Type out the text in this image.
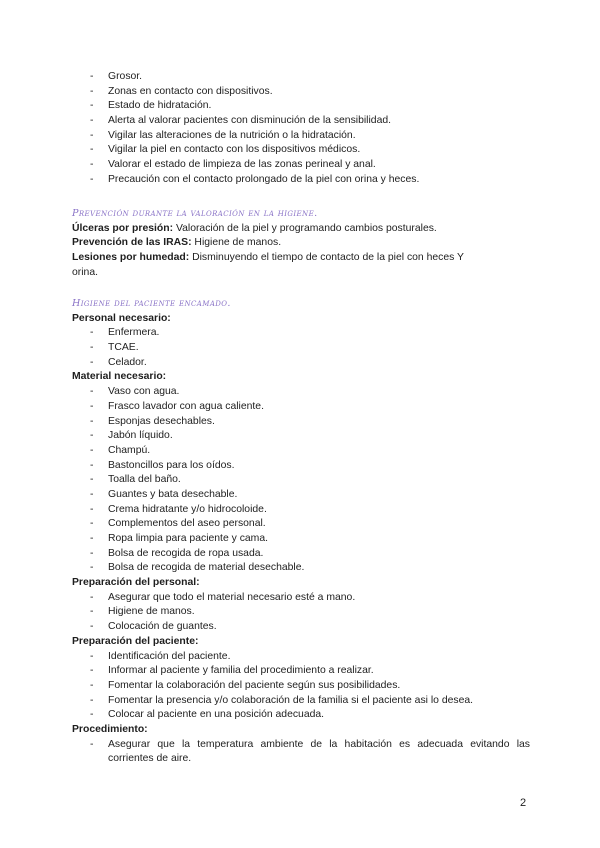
- Grosor.
- Zonas en contacto con dispositivos.
- Estado de hidratación.
- Alerta al valorar pacientes con disminución de la sensibilidad.
- Vigilar las alteraciones de la nutrición o la hidratación.
- Vigilar la piel en contacto con los dispositivos médicos.
- Valorar el estado de limpieza de las zonas perineal y anal.
- Precaución con el contacto prolongado de la piel con orina y heces.
Prevención durante la valoración en la higiene.
Úlceras por presión: Valoración de la piel y programando cambios posturales.
Prevención de las IRAS: Higiene de manos.
Lesiones por humedad: Disminuyendo el tiempo de contacto de la piel con heces Y orina.
Higiene del paciente encamado.
Personal necesario:
- Enfermera.
- TCAE.
- Celador.
Material necesario:
- Vaso con agua.
- Frasco lavador con agua caliente.
- Esponjas desechables.
- Jabón líquido.
- Champú.
- Bastoncillos para los oídos.
- Toalla del baño.
- Guantes y bata desechable.
- Crema hidratante y/o hidrocoloide.
- Complementos del aseo personal.
- Ropa limpia para paciente y cama.
- Bolsa de recogida de ropa usada.
- Bolsa de recogida de material desechable.
Preparación del personal:
- Asegurar que todo el material necesario esté a mano.
- Higiene de manos.
- Colocación de guantes.
Preparación del paciente:
- Identificación del paciente.
- Informar al paciente y familia del procedimiento a realizar.
- Fomentar la colaboración del paciente según sus posibilidades.
- Fomentar la presencia y/o colaboración de la familia si el paciente asi lo desea.
- Colocar al paciente en una posición adecuada.
Procedimiento:
- Asegurar que la temperatura ambiente de la habitación es adecuada evitando las corrientes de aire.
2
